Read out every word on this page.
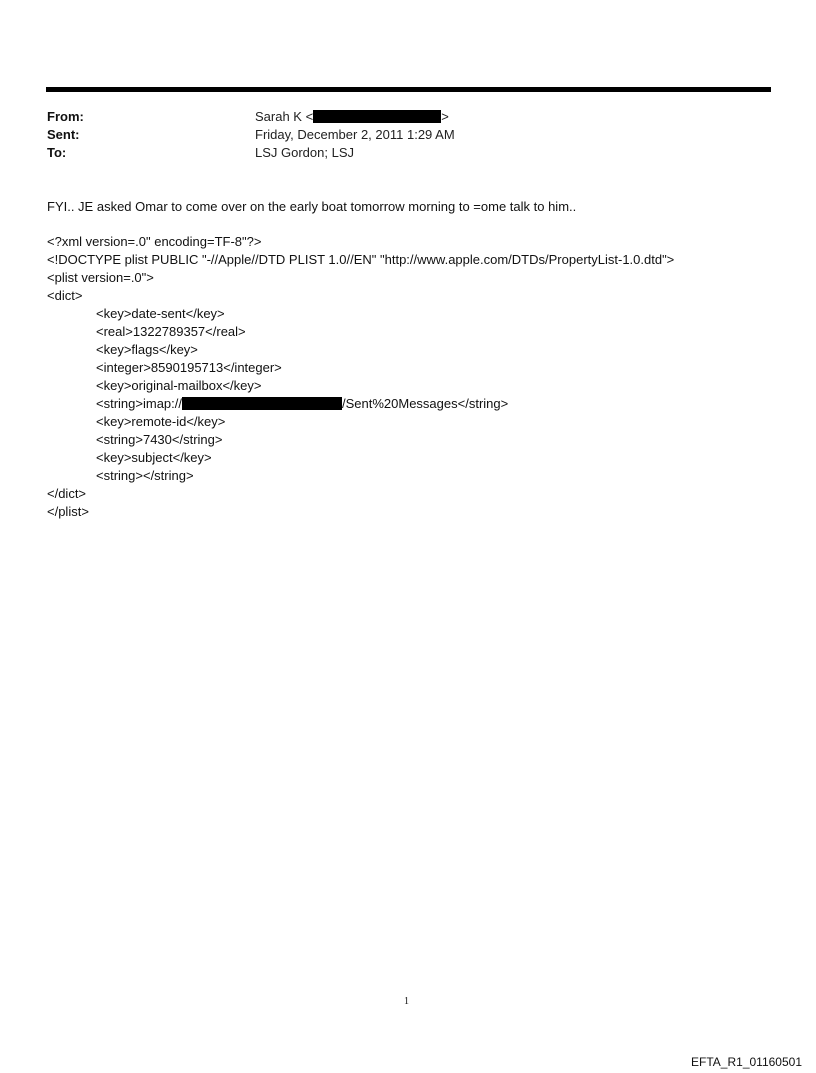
From:	Sarah K <	>
Sent:	Friday, December 2, 2011 1:29 AM
To:	LSJ Gordon; LSJ
FYI.. JE asked Omar to come over on the early boat tomorrow morning to =ome talk to him..
<?xml version=.0" encoding=TF-8"?>
<!DOCTYPE plist PUBLIC "-//Apple//DTD PLIST 1.0//EN" "http://www.apple.com/DTDs/PropertyList-1.0.dtd">
<plist version=.0">
<dict>
<key>date-sent</key>
<real>1322789357</real>
<key>flags</key>
<integer>8590195713</integer>
<key>original-mailbox</key>
<string>imap://	/Sent%20Messages</string>
<key>remote-id</key>
<string>7430</string>
<key>subject</key>
<string></string>
</dict>
</plist>
1
EFTA_R1_01160501
